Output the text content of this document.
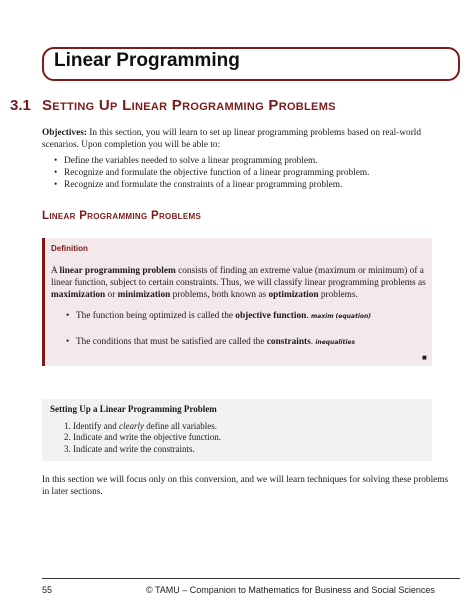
Linear Programming
3.1 Setting Up Linear Programming Problems
Objectives: In this section, you will learn to set up linear programming problems based on real-world scenarios. Upon completion you will be able to:
• Define the variables needed to solve a linear programming problem.
• Recognize and formulate the objective function of a linear programming problem.
• Recognize and formulate the constraints of a linear programming problem.
Linear Programming Problems
Definition
A linear programming problem consists of finding an extreme value (maximum or minimum) of a linear function, subject to certain constraints. Thus, we will classify linear programming problems as maximization or minimization problems, both known as optimization problems.
• The function being optimized is called the objective function. maxim (equation)
• The conditions that must be satisfied are called the constraints. inequalities
■
Setting Up a Linear Programming Problem
1. Identify and clearly define all variables.
2. Indicate and write the objective function.
3. Indicate and write the constraints.
In this section we will focus only on this conversion, and we will learn techniques for solving these problems in later sections.
55	© TAMU – Companion to Mathematics for Business and Social Sciences
